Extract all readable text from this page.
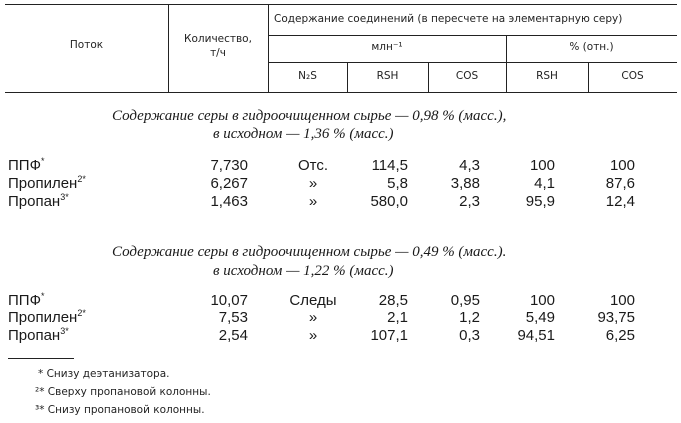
Поток	Количество,
т/ч
Содержание соединений (в пересчете на элементарную серу)
млн⁻¹	% (отн.)
N₂S	RSH	COS	RSH	COS
Содержание серы в гидроочищенном сырье — 0,98 % (масс.),
в исходном — 1,36 % (масс.)
ППФ*	7,730	Отс.	114,5	4,3	100	100
Пропилен$^{2*}$	6,267	»	5,8	3,88	4,1	87,6
Пропан$^{3*}$	1,463	»	580,0	2,3	95,9	12,4
Содержание серы в гидроочищенном сырье — 0,49 % (масс.).
в исходном — 1,22 % (масс.)
ППФ*	10,07	Следы	28,5	0,95	100	100
Пропилен$^{2*}$	7,53	»	2,1	1,2	5,49	93,75
Пропан$^{3*}$	2,54	»	107,1	0,3	94,51	6,25
* Снизу деэтанизатора.
²* Сверху пропановой колонны.
³* Снизу пропановой колонны.
